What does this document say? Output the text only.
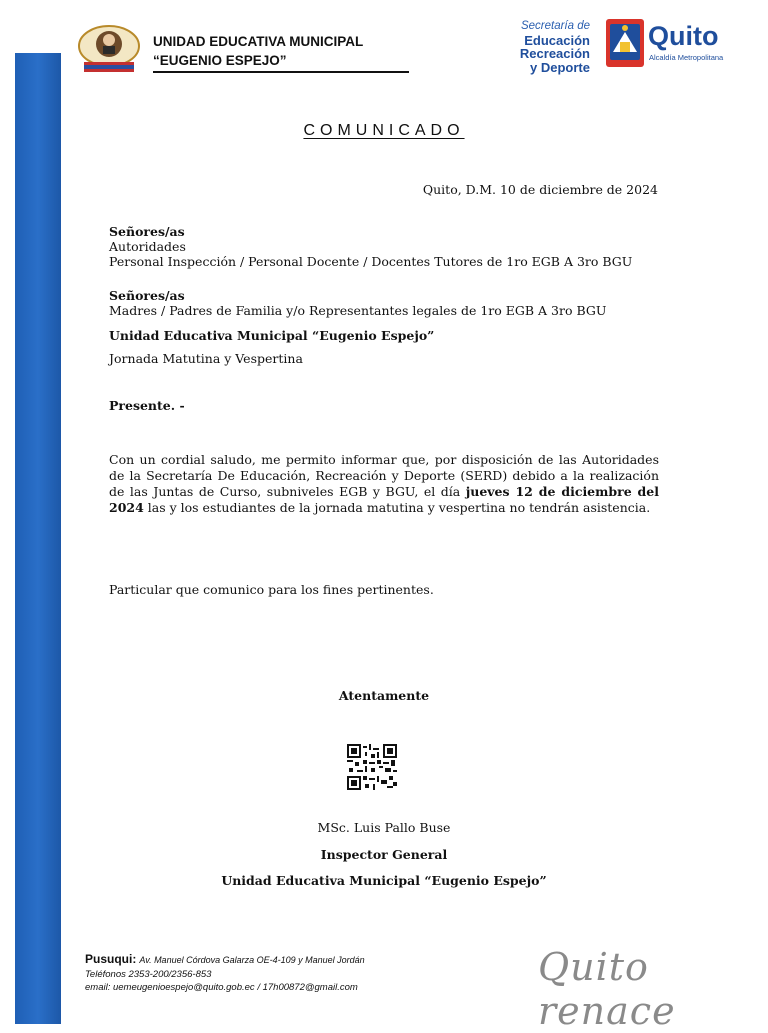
UNIDAD EDUCATIVA MUNICIPAL
“EUGENIO ESPEJO”
Secretaría de
Educación
Recreación
y Deporte
Quito
Alcaldía Metropolitana
COMUNICADO
Quito, D.M. 10 de diciembre de 2024
Señores/as
Autoridades
Personal Inspección / Personal Docente / Docentes Tutores de 1ro EGB A 3ro BGU
Señores/as
Madres / Padres de Familia y/o Representantes legales de 1ro EGB A 3ro BGU
Unidad Educativa Municipal “Eugenio Espejo”
Jornada Matutina y Vespertina
Presente. -
Con un cordial saludo, me permito informar que, por disposición de las Autoridades de la Secretaría De Educación, Recreación y Deporte (SERD) debido a la realización de las Juntas de Curso, subniveles EGB y BGU, el día jueves 12 de diciembre del 2024 las y los estudiantes de la jornada matutina y vespertina no tendrán asistencia.
Particular que comunico para los fines pertinentes.
Atentamente
MSc. Luis Pallo Buse
Inspector General
Unidad Educativa Municipal “Eugenio Espejo”
Pusuqui: Av. Manuel Córdova Galarza OE-4-109 y Manuel Jordán
Teléfonos 2353-200/2356-853
email: uemeugenioespejo@quito.gob.ec / 17h00872@gmail.com	Quito renace
